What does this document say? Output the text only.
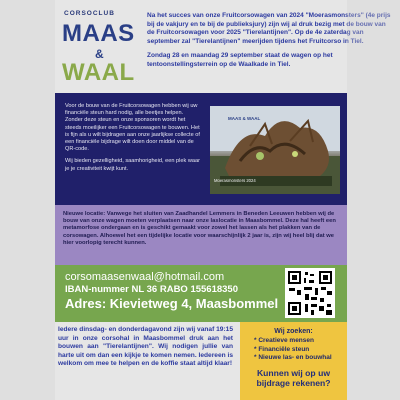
CORSOCLUB
MAAS
&
WAAL

Na het succes van onze Fruitcorsowagen van 2024 "Moerasmonsters" (4e prijs bij de vakjury en te bij de publieksjury) zijn wij al druk bezig met de bouw van de Fruitcorsowagen voor 2025 "Tierelantijnen". Op de 4e zaterdag van september zal "Tierelantijnen" meerijden tijdens het Fruitcorso in Tiel.

Zondag 28 en maandag 29 september staat de wagen op het tentoonstellingsterrein op de Waalkade in Tiel.

Voor de bouw van de Fruitcorsowagen hebben wij uw financiële steun hard nodig, alle beetjes helpen. Zonder deze steun en onze sponsoren wordt het steeds moeilijker een Fruitcorsowagen te bouwen. Het is fijn als u wilt bijdragen aan onze jaarlijkse collecte of een financiële bijdrage wilt doen door middel van de QR-code.

Wij bieden gezelligheid, saamhorigheid, een plek waar je je creativiteit kwijt kunt.

MAAS & WAAL
Moerasmonsters 2024
Nieuwe locatie: Vanwege het sluiten van Zaadhandel Lemmers in Beneden Leeuwen hebben wij de bouw van onze wagen moeten verplaatsen naar onze laslocatie in Maasbommel. Deze hal heeft een metamorfose ondergaan en is geschikt gemaakt voor zowel het lassen als het plakken van de corsowagen. Alhoewel het een tijdelijke locatie voor waarschijnlijk 2 jaar is, zijn wij heel blij dat we hier voorlopig terecht kunnen.
corsomaasenwaal@hotmail.com
IBAN-nummer NL 36 RABO 155618350
Adres: Kievietweg 4, Maasbommel
Iedere dinsdag- en donderdagavond zijn wij vanaf 19:15 uur in onze corsohal in Maasbommel druk aan het bouwen aan "Tierelantijnen". Wij nodigen jullie van harte uit om dan een kijkje te komen nemen. Iedereen is welkom om mee te helpen en de koffie staat altijd klaar!
Wij zoeken:
* Creatieve mensen
* Financiële steun
* Nieuwe las- en bouwhal
Kunnen wij op uw bijdrage rekenen?
